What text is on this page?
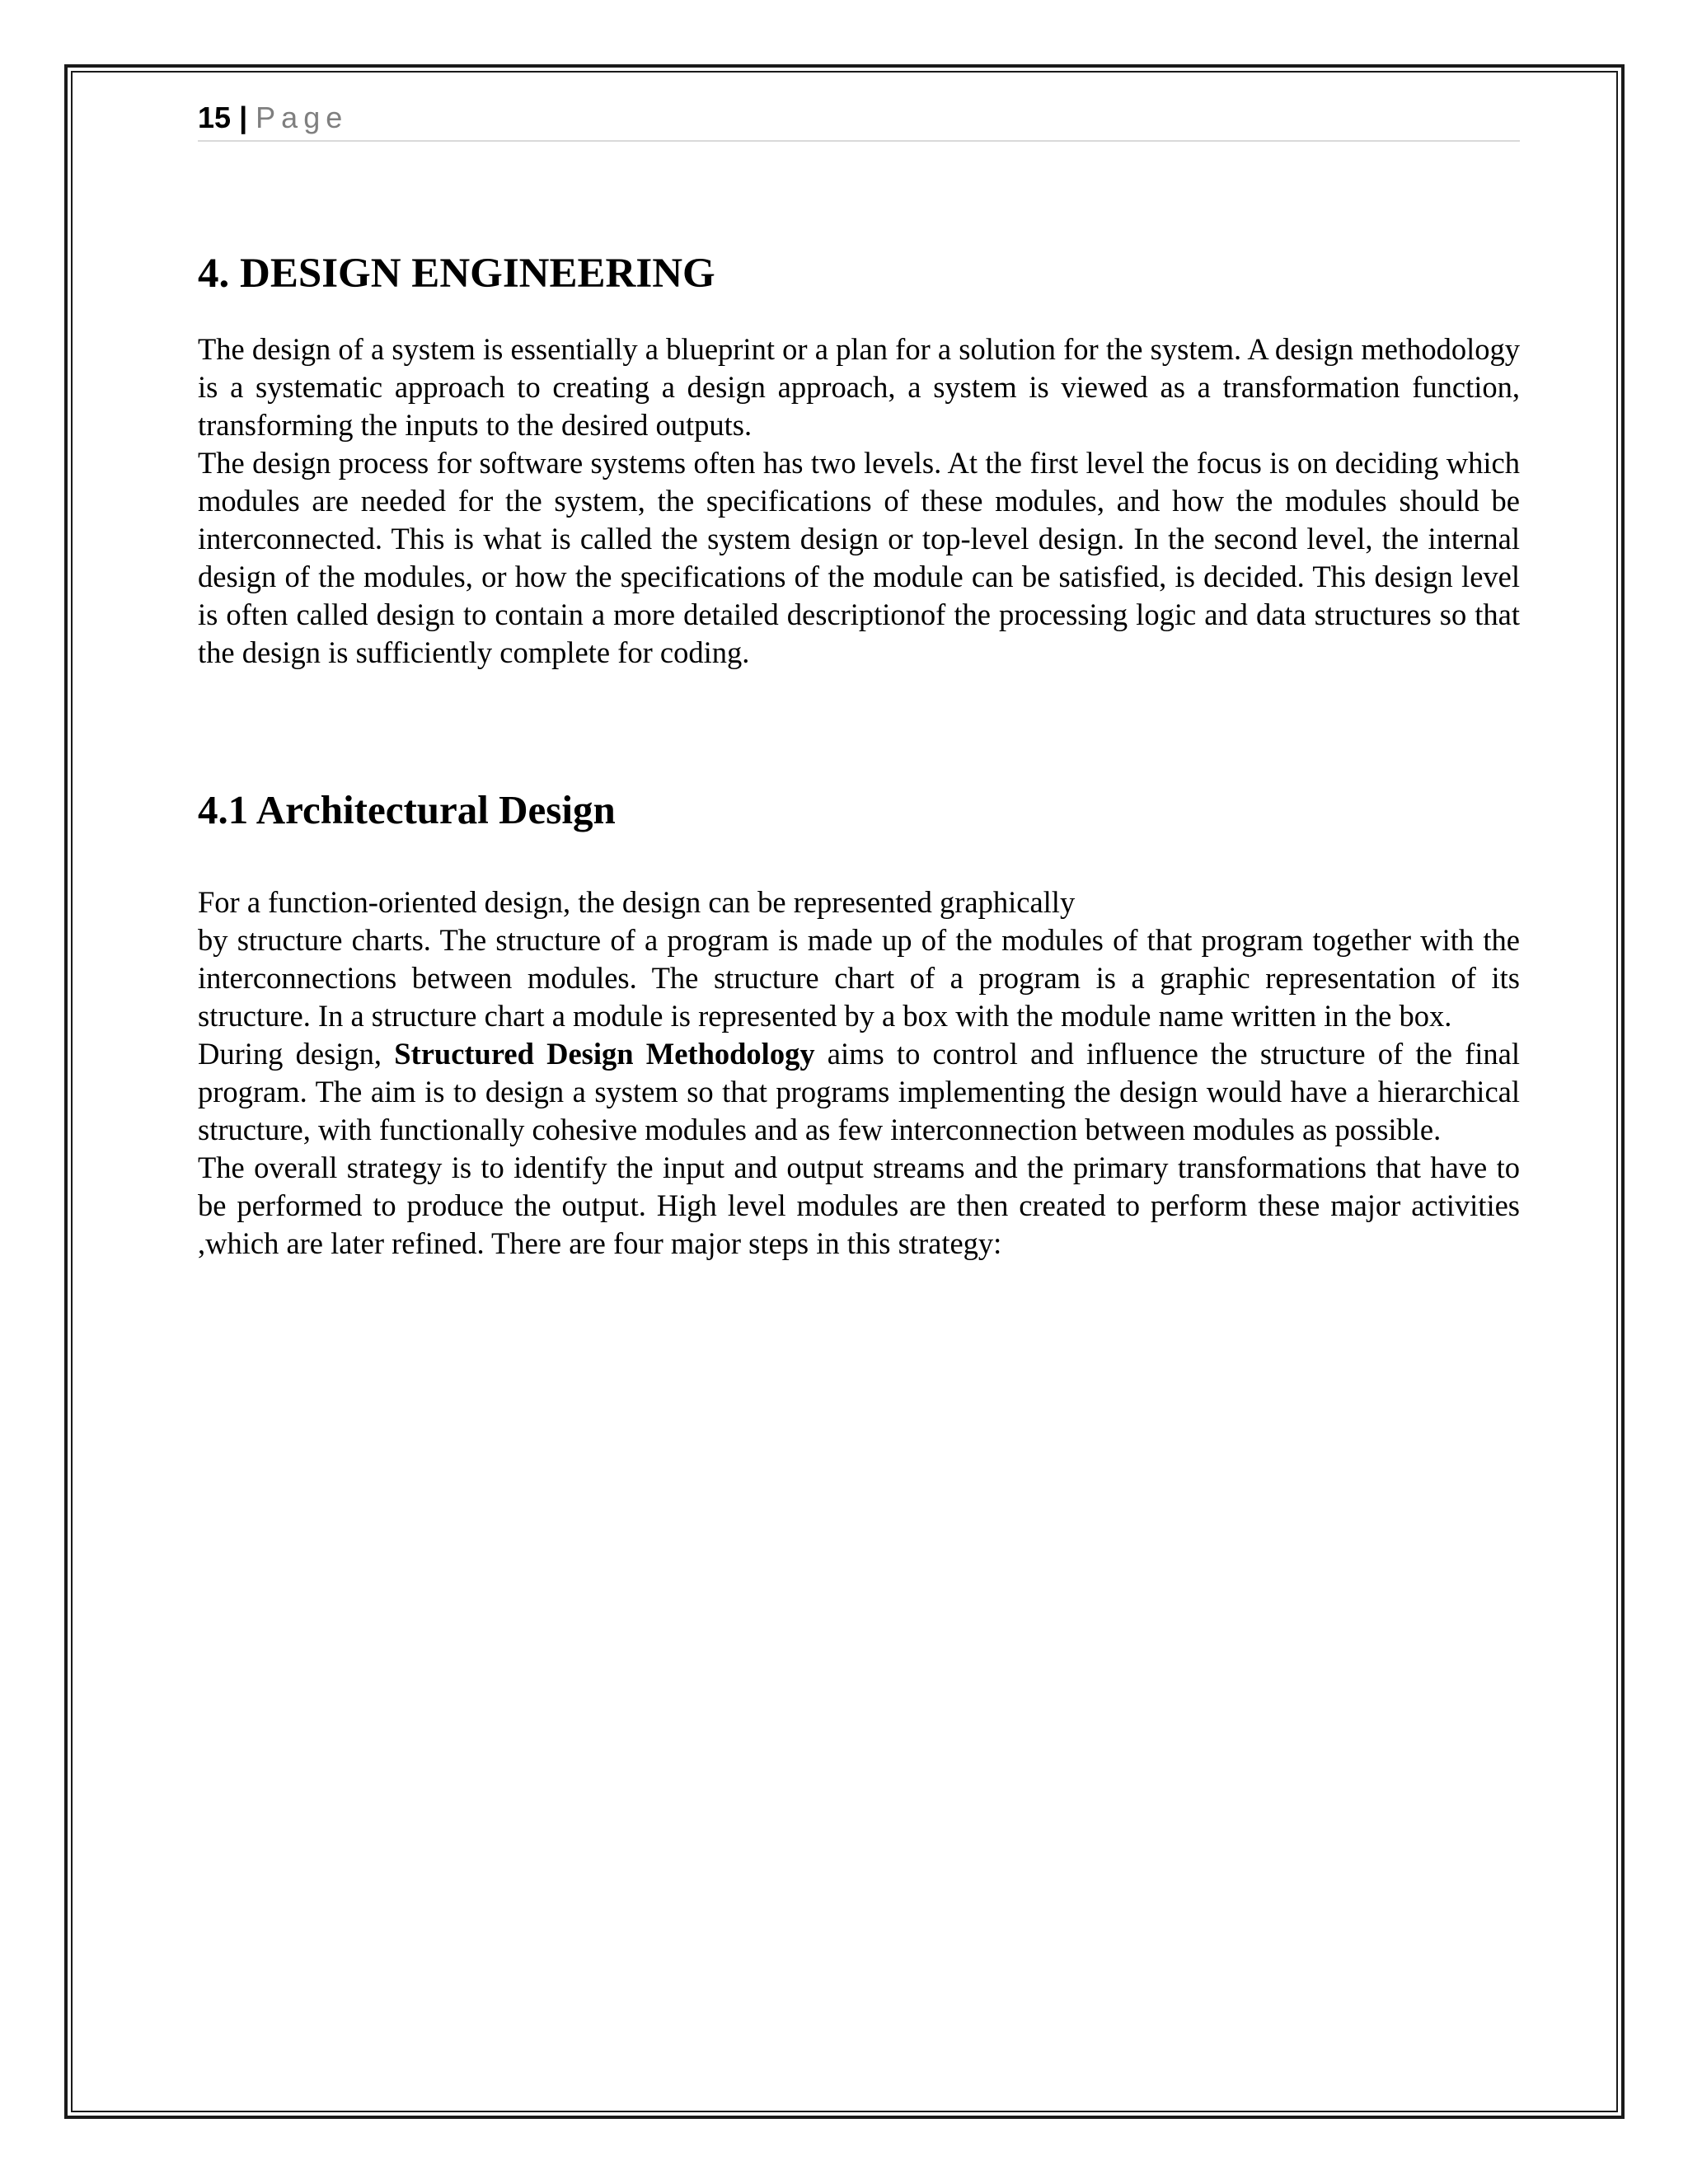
15 | Page
4. DESIGN ENGINEERING

The design of a system is essentially a blueprint or a plan for a solution for the system. A design methodology is a systematic approach to creating a design approach, a system is viewed as a transformation function, transforming the inputs to the desired outputs.

The design process for software systems often has two levels. At the first level the focus is on deciding which modules are needed for the system, the specifications of these modules, and how the modules should be interconnected. This is what is called the system design or top-level design. In the second level, the internal design of the modules, or how the specifications of the module can be satisfied, is decided. This design level is often called design to contain a more detailed descriptionof the processing logic and data structures so that the design is sufficiently complete for coding.

4.1 Architectural Design

For a function-oriented design, the design can be represented graphically

by structure charts. The structure of a program is made up of the modules of that program together with the interconnections between modules. The structure chart of a program is a graphic representation of its structure. In a structure chart a module is represented by a box with the module name written in the box.

During design, Structured Design Methodology aims to control and influence the structure of the final program. The aim is to design a system so that programs implementing the design would have a hierarchical structure, with functionally cohesive modules and as few interconnection between modules as possible.

The overall strategy is to identify the input and output streams and the primary transformations that have to be performed to produce the output. High level modules are then created to perform these major activities ,which are later refined. There are four major steps in this strategy:
